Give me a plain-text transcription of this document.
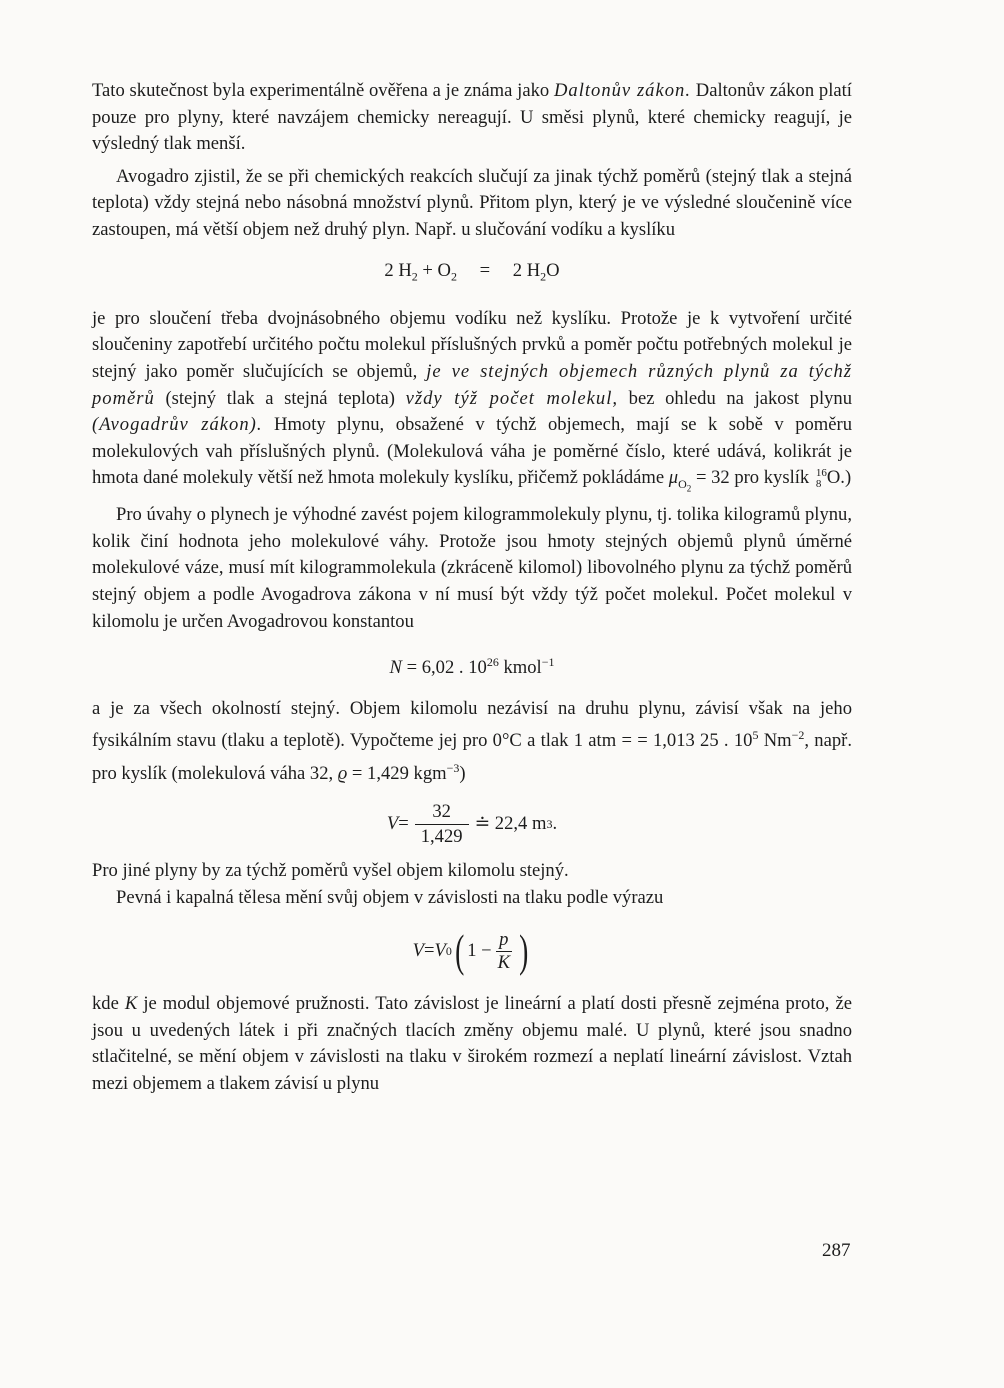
Tato skutečnost byla experimentálně ověřena a je známa jako Daltonův zákon. Daltonův zákon platí pouze pro plyny, které navzájem chemicky nereagují. U směsi plynů, které chemicky reagují, je výsledný tlak menší.

Avogadro zjistil, že se při chemických reakcích slučují za jinak týchž poměrů (stejný tlak a stejná teplota) vždy stejná nebo násobná množství plynů. Přitom plyn, který je ve výsledné sloučenině více zastoupen, má větší objem než druhý plyn. Např. u slučování vodíku a kyslíku

2 $H_2 + O_2 = 2$ $H_2O$

je pro sloučení třeba dvojnásobného objemu vodíku než kyslíku. Protože je k vytvoření určité sloučeniny zapotřebí určitého počtu molekul příslušných prvků a poměr počtu potřebných molekul je stejný jako poměr slučujících se objemů, je ve stejných objemech různých plynů za týchž poměrů (stejný tlak a stejná teplota) vždy týž počet molekul, bez ohledu na jakost plynu (Avogadrův zákon). Hmoty plynu, obsažené v týchž objemech, mají se k sobě v poměru molekulových vah příslušných plynů. (Molekulová váha je poměrné číslo, které udává, kolikrát je hmota dané molekuly větší než hmota molekuly kyslíku, přičemž pokládáme $\mu_{O_2} = 32$ pro kyslík 16
8 O.)

Pro úvahy o plynech je výhodné zavést pojem kilogrammolekuly plynu, tj. tolika kilogramů plynu, kolik činí hodnota jeho molekulové váhy. Protože jsou hmoty stejných objemů plynů úměrné molekulové váze, musí mít kilogrammolekula (zkráceně kilomol) libovolného plynu za týchž poměrů stejný objem a podle Avogadrova zákona v ní musí být vždy týž počet molekul. Počet molekul v kilomolu je určen Avogadrovou konstantou

N = 6,02 . $10^{26}$ kmol$^{-1}$

a je za všech okolností stejný. Objem kilomolu nezávisí na druhu plynu, závisí však na jeho fysikálním stavu (tlaku a teplotě). Vypočteme jej pro 0°C a tlak 1 atm = = 1,013 25 . $10^5$ $Nm^{-2}$, např. pro kyslík (molekulová váha 32, ϱ = 1,429 kgm$^{-3}$)

$V = \frac{32}{1,429}$ ≐ 22,4 m 3 .

Pro jiné plyny by za týchž poměrů vyšel objem kilomolu stejný.

Pevná i kapalná tělesa mění svůj objem v závislosti na tlaku podle výrazu

V = V 0 ( $1 - \frac{p}{K}$ )

kde K je modul objemové pružnosti. Tato závislost je lineární a platí dosti přesně zejména proto, že jsou u uvedených látek i při značných tlacích změny objemu malé. U plynů, které jsou snadno stlačitelné, se mění objem v závislosti na tlaku v širokém rozmezí a neplatí lineární závislost. Vztah mezi objemem a tlakem závisí u plynu

287
